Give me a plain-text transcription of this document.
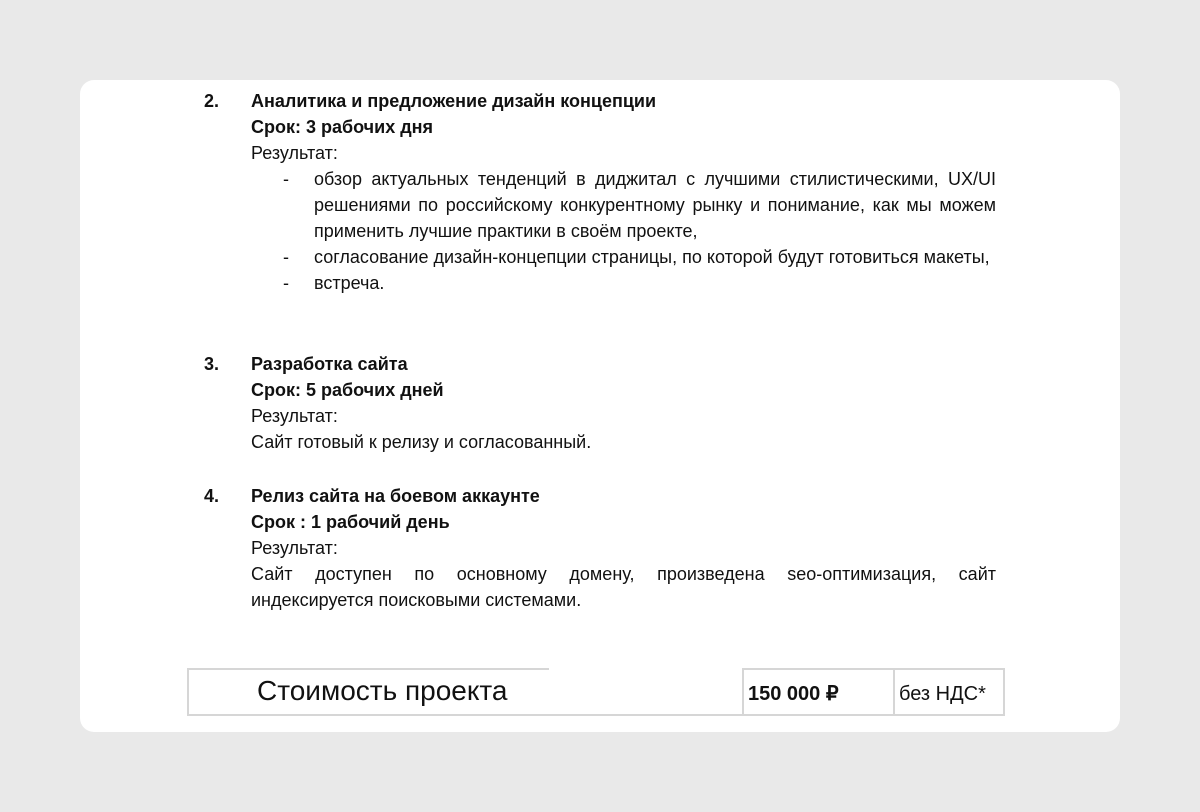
2. Аналитика и предложение дизайн концепции

Срок: 3 рабочих дня

Результат:

- обзор актуальных тенденций в диджитал с лучшими стилистическими, UX/UI решениями по российскому конкурентному рынку и понимание, как мы можем применить лучшие практики в своём проекте,
- согласование дизайн-концепции страницы, по которой будут готовиться макеты,
- встреча.
3. Разработка сайта

Срок: 5 рабочих дней

Результат:

Сайт готовый к релизу и согласованный.

4. Релиз сайта на боевом аккаунте

Срок : 1 рабочий день

Результат:

Сайт доступен по основному домену, произведена seo-оптимизация, сайт индексируется поисковыми системами.

Стоимость проекта	150 000 ₽	без НДС*
